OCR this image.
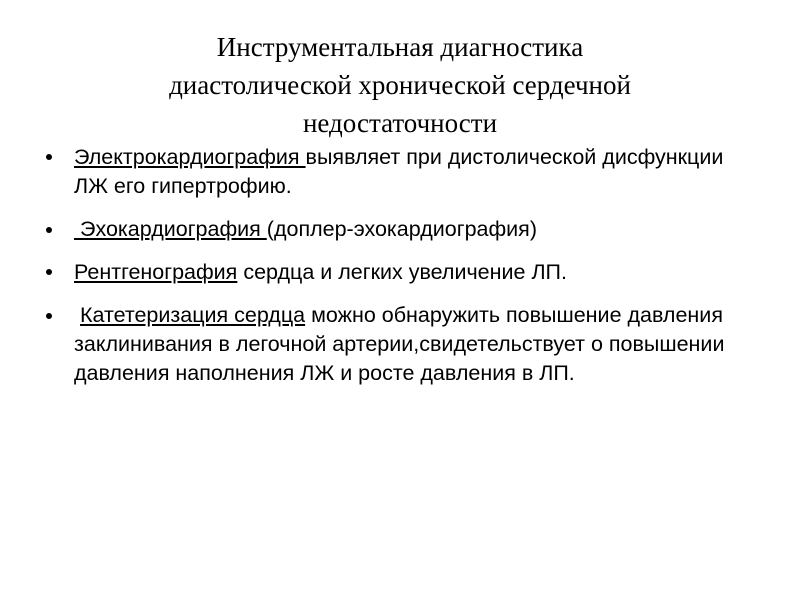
Инструментальная диагностика
диастолической хронической сердечной
недостаточности
Электрокардиография выявляет при дистолической дисфункции ЛЖ его гипертрофию.
Эхокардиография (доплер-эхокардиография)
Рентгенография сердца и легких увеличение ЛП.
Катетеризация сердца можно обнаружить повышение давления заклинивания в легочной артерии,свидетельствует о повышении давления наполнения ЛЖ и росте давления в ЛП.
